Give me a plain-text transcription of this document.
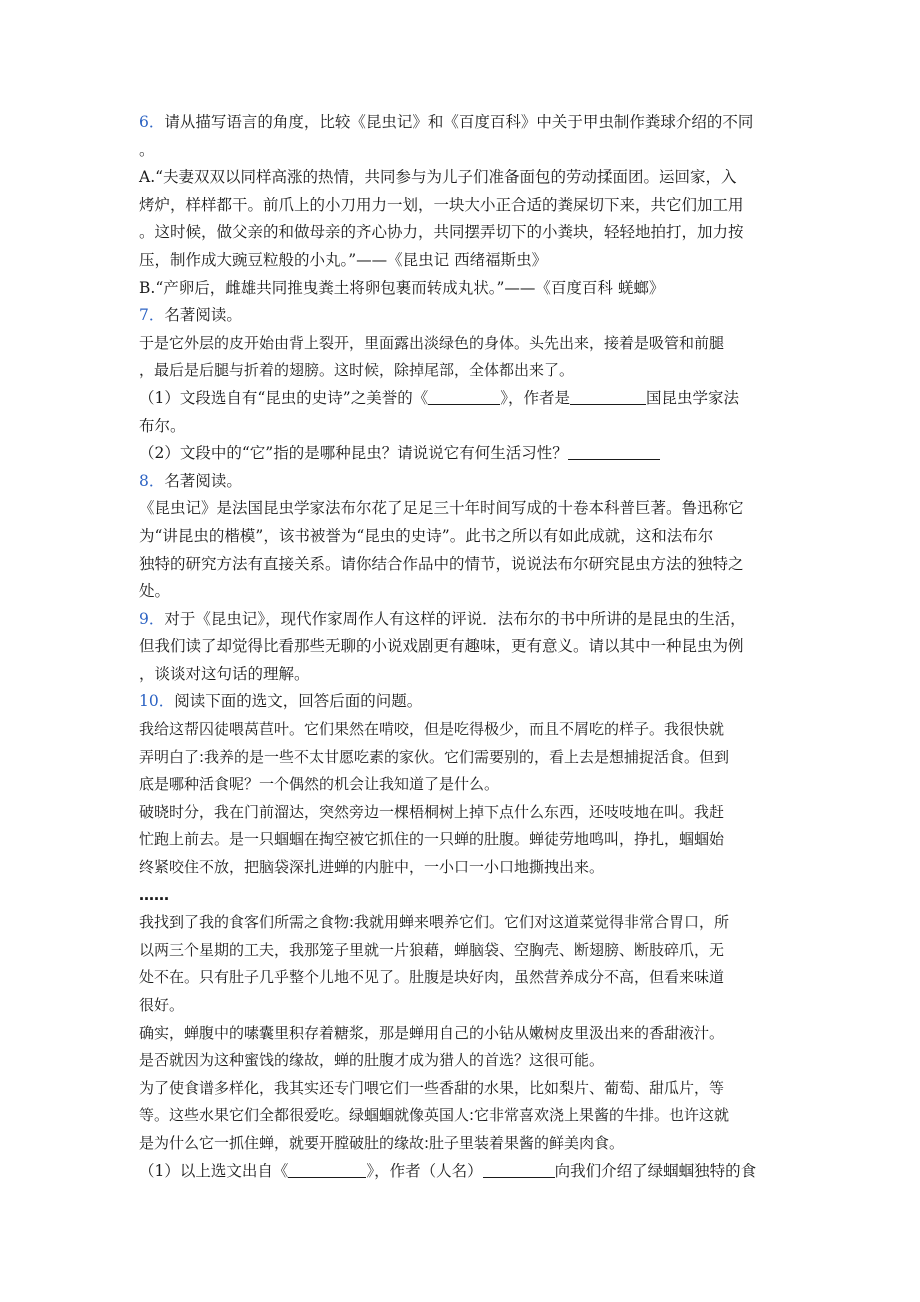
6．请从描写语言的角度，比较《昆虫记》和《百度百科》中关于甲虫制作粪球介绍的不同
。
A.“夫妻双双以同样高涨的热情，共同参与为儿子们准备面包的劳动揉面团。运回家，入
烤炉，样样都干。前爪上的小刀用力一划，一块大小正合适的粪屎切下来，共它们加工用
。这时候，做父亲的和做母亲的齐心协力，共同摆弄切下的小粪块，轻轻地拍打，加力按
压，制作成大豌豆粒般的小丸。”——《昆虫记 西绪福斯虫》
B.“产卵后，雌雄共同推曳粪土将卵包裹而转成丸状。”——《百度百科 蜣螂》
7．名著阅读。
于是它外层的皮开始由背上裂开，里面露出淡绿色的身体。头先出来，接着是吸管和前腿
，最后是后腿与折着的翅膀。这时候，除掉尾部，全体都出来了。
（1）文段选自有“昆虫的史诗”之美誉的《	》，作者是	国昆虫学家法
布尔。
（2）文段中的“它”指的是哪种昆虫？请说说它有何生活习性？
8．名著阅读。
《昆虫记》是法国昆虫学家法布尔花了足足三十年时间写成的十卷本科普巨著。鲁迅称它
为“讲昆虫的楷模”，该书被誉为“昆虫的史诗”。此书之所以有如此成就，这和法布尔
独特的研究方法有直接关系。请你结合作品中的情节，说说法布尔研究昆虫方法的独特之
处。
9．对于《昆虫记》，现代作家周作人有这样的评说．法布尔的书中所讲的是昆虫的生活，
但我们读了却觉得比看那些无聊的小说戏剧更有趣味，更有意义。请以其中一种昆虫为例
，谈谈对这句话的理解。
10．阅读下面的选文，回答后面的问题。
我给这帮囚徒喂莴苣叶。它们果然在啃咬，但是吃得极少，而且不屑吃的样子。我很快就
弄明白了:我养的是一些不太甘愿吃素的家伙。它们需要别的，看上去是想捕捉活食。但到
底是哪种活食呢？一个偶然的机会让我知道了是什么。
破晓时分，我在门前溜达，突然旁边一棵梧桐树上掉下点什么东西，还吱吱地在叫。我赶
忙跑上前去。是一只蝈蝈在掏空被它抓住的一只蝉的肚腹。蝉徒劳地鸣叫，挣扎，蝈蝈始
终紧咬住不放，把脑袋深扎进蝉的内脏中，一小口一小口地撕拽出来。
……
我找到了我的食客们所需之食物:我就用蝉来喂养它们。它们对这道菜觉得非常合胃口，所
以两三个星期的工夫，我那笼子里就一片狼藉，蝉脑袋、空胸壳、断翅膀、断肢碎爪，无
处不在。只有肚子几乎整个儿地不见了。肚腹是块好肉，虽然营养成分不高，但看来味道
很好。
确实，蝉腹中的嗉囊里积存着糖浆，那是蝉用自己的小钻从嫩树皮里汲出来的香甜液汁。
是否就因为这种蜜饯的缘故，蝉的肚腹才成为猎人的首选？这很可能。
为了使食谱多样化，我其实还专门喂它们一些香甜的水果，比如梨片、葡萄、甜瓜片，等
等。这些水果它们全都很爱吃。绿蝈蝈就像英国人:它非常喜欢浇上果酱的牛排。也许这就
是为什么它一抓住蝉，就要开膛破肚的缘故:肚子里装着果酱的鲜美肉食。
（1）以上选文出自《	》，作者（人名）	向我们介绍了绿蝈蝈独特的食
